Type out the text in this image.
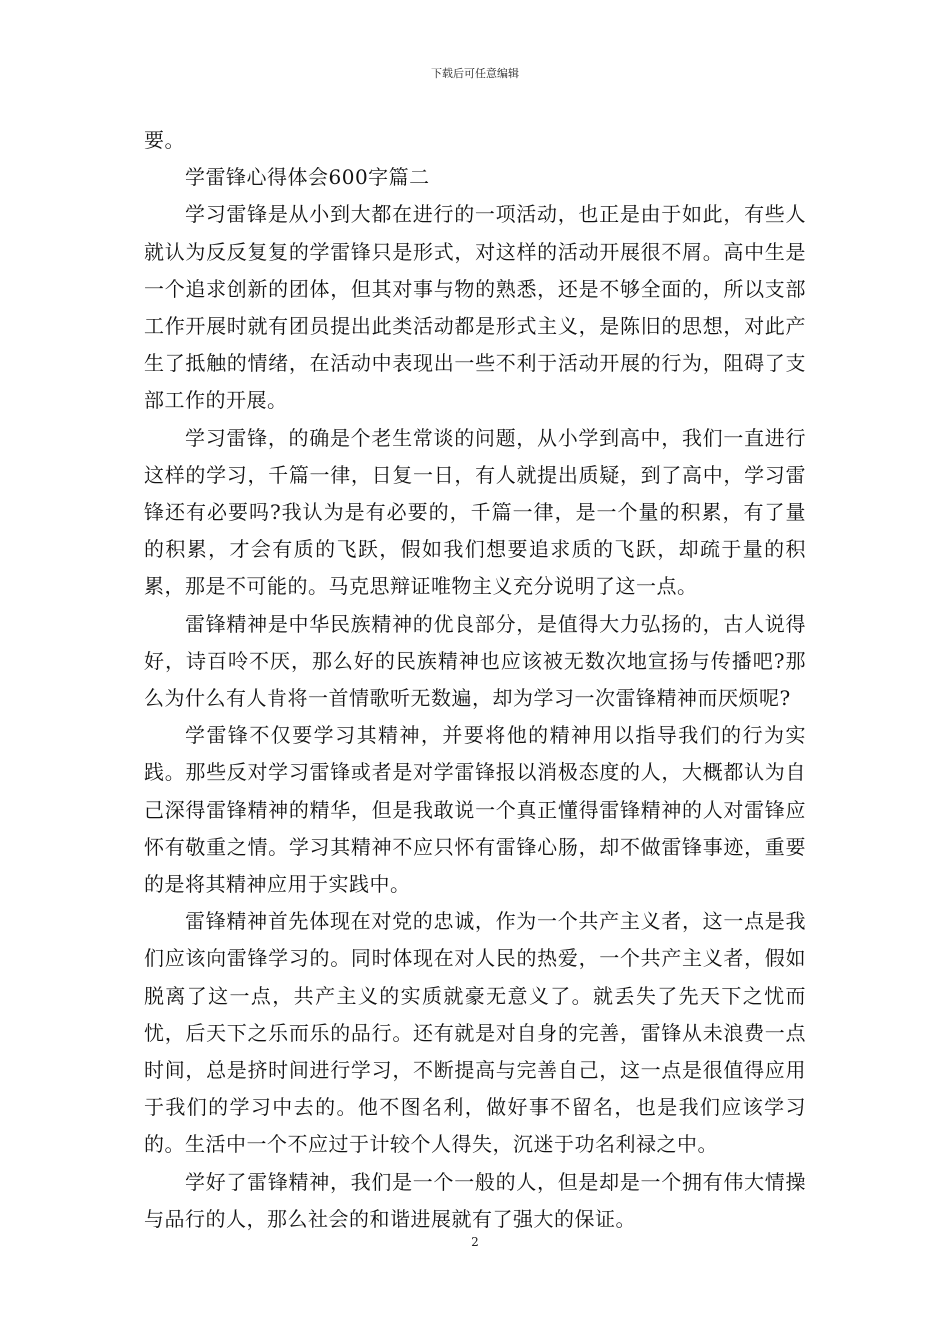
下载后可任意编辑

要。

学雷锋心得体会600字篇二

学习雷锋是从小到大都在进行的一项活动，也正是由于如此，有些人就认为反反复复的学雷锋只是形式，对这样的活动开展很不屑。高中生是一个追求创新的团体，但其对事与物的熟悉，还是不够全面的，所以支部工作开展时就有团员提出此类活动都是形式主义，是陈旧的思想，对此产生了抵触的情绪，在活动中表现出一些不利于活动开展的行为，阻碍了支部工作的开展。

学习雷锋，的确是个老生常谈的问题，从小学到高中，我们一直进行这样的学习，千篇一律，日复一日，有人就提出质疑，到了高中，学习雷锋还有必要吗?我认为是有必要的，千篇一律，是一个量的积累，有了量的积累，才会有质的飞跃，假如我们想要追求质的飞跃，却疏于量的积累，那是不可能的。马克思辩证唯物主义充分说明了这一点。

雷锋精神是中华民族精神的优良部分，是值得大力弘扬的，古人说得好，诗百呤不厌，那么好的民族精神也应该被无数次地宣扬与传播吧?那么为什么有人肯将一首情歌听无数遍，却为学习一次雷锋精神而厌烦呢?

学雷锋不仅要学习其精神，并要将他的精神用以指导我们的行为实践。那些反对学习雷锋或者是对学雷锋报以消极态度的人，大概都认为自己深得雷锋精神的精华，但是我敢说一个真正懂得雷锋精神的人对雷锋应怀有敬重之情。学习其精神不应只怀有雷锋心肠，却不做雷锋事迹，重要的是将其精神应用于实践中。

雷锋精神首先体现在对党的忠诚，作为一个共产主义者，这一点是我们应该向雷锋学习的。同时体现在对人民的热爱，一个共产主义者，假如脱离了这一点，共产主义的实质就豪无意义了。就丢失了先天下之忧而忧，后天下之乐而乐的品行。还有就是对自身的完善，雷锋从未浪费一点时间，总是挤时间进行学习，不断提高与完善自己，这一点是很值得应用于我们的学习中去的。他不图名利，做好事不留名，也是我们应该学习的。生活中一个不应过于计较个人得失，沉迷于功名利禄之中。

学好了雷锋精神，我们是一个一般的人，但是却是一个拥有伟大情操与品行的人，那么社会的和谐进展就有了强大的保证。

2
